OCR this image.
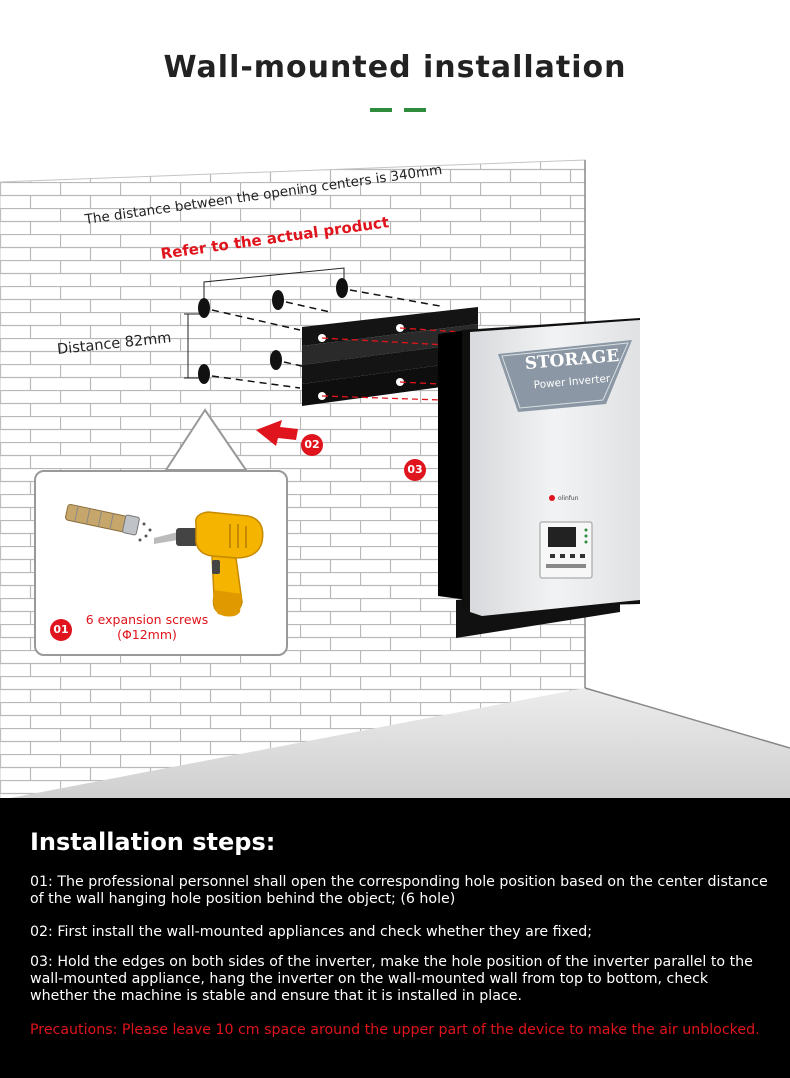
Wall-mounted installation
The distance between the opening centers is 340mm
Refer to the actual product
Distance 82mm
02
03
01
6 expansion screws
(Φ12mm)
STORAGE
Power Inverter
olinfun
Installation steps:

01: The professional personnel shall open the corresponding hole position based on the center distance of the wall hanging hole position behind the object; (6 hole)

02: First install the wall-mounted appliances and check whether they are fixed;

03: Hold the edges on both sides of the inverter, make the hole position of the inverter parallel to the wall-mounted appliance, hang the inverter on the wall-mounted wall from top to bottom, check whether the machine is stable and ensure that it is installed in place.

Precautions: Please leave 10 cm space around the upper part of the device to make the air unblocked.
